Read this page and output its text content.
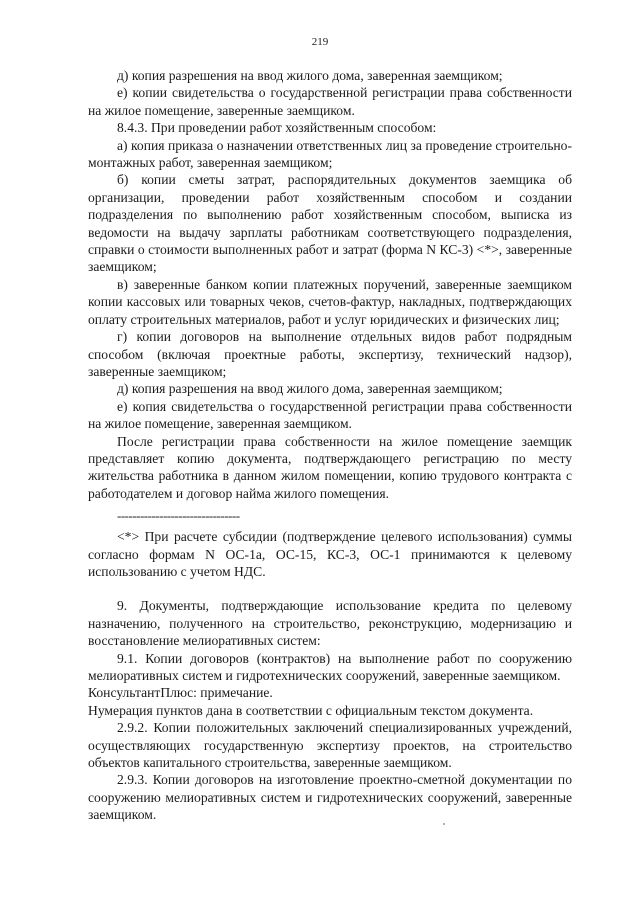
219

д) копия разрешения на ввод жилого дома, заверенная заемщиком;

е) копии свидетельства о государственной регистрации права собственности на жилое помещение, заверенные заемщиком.

8.4.3. При проведении работ хозяйственным способом:

а) копия приказа о назначении ответственных лиц за проведение строительно-монтажных работ, заверенная заемщиком;

б) копии сметы затрат, распорядительных документов заемщика об организации, проведении работ хозяйственным способом и создании подразделения по выполнению работ хозяйственным способом, выписка из ведомости на выдачу зарплаты работникам соответствующего подразделения, справки о стоимости выполненных работ и затрат (форма N КС-3) <*>, заверенные заемщиком;

в) заверенные банком копии платежных поручений, заверенные заемщиком копии кассовых или товарных чеков, счетов-фактур, накладных, подтверждающих оплату строительных материалов, работ и услуг юридических и физических лиц;

г) копии договоров на выполнение отдельных видов работ подрядным способом (включая проектные работы, экспертизу, технический надзор), заверенные заемщиком;

д) копия разрешения на ввод жилого дома, заверенная заемщиком;

е) копия свидетельства о государственной регистрации права собственности на жилое помещение, заверенная заемщиком.

После регистрации права собственности на жилое помещение заемщик представляет копию документа, подтверждающего регистрацию по месту жительства работника в данном жилом помещении, копию трудового контракта с работодателем и договор найма жилого помещения.

--------------------------------

<*> При расчете субсидии (подтверждение целевого использования) суммы согласно формам N ОС-1а, ОС-15, КС-3, ОС-1 принимаются к целевому использованию с учетом НДС.

9. Документы, подтверждающие использование кредита по целевому назначению, полученного на строительство, реконструкцию, модернизацию и восстановление мелиоративных систем:

9.1. Копии договоров (контрактов) на выполнение работ по сооружению мелиоративных систем и гидротехнических сооружений, заверенные заемщиком.

КонсультантПлюс: примечание.

Нумерация пунктов дана в соответствии с официальным текстом документа.

2.9.2. Копии положительных заключений специализированных учреждений, осуществляющих государственную экспертизу проектов, на строительство объектов капитального строительства, заверенные заемщиком.

2.9.3. Копии договоров на изготовление проектно-сметной документации по сооружению мелиоративных систем и гидротехнических сооружений, заверенные заемщиком.
